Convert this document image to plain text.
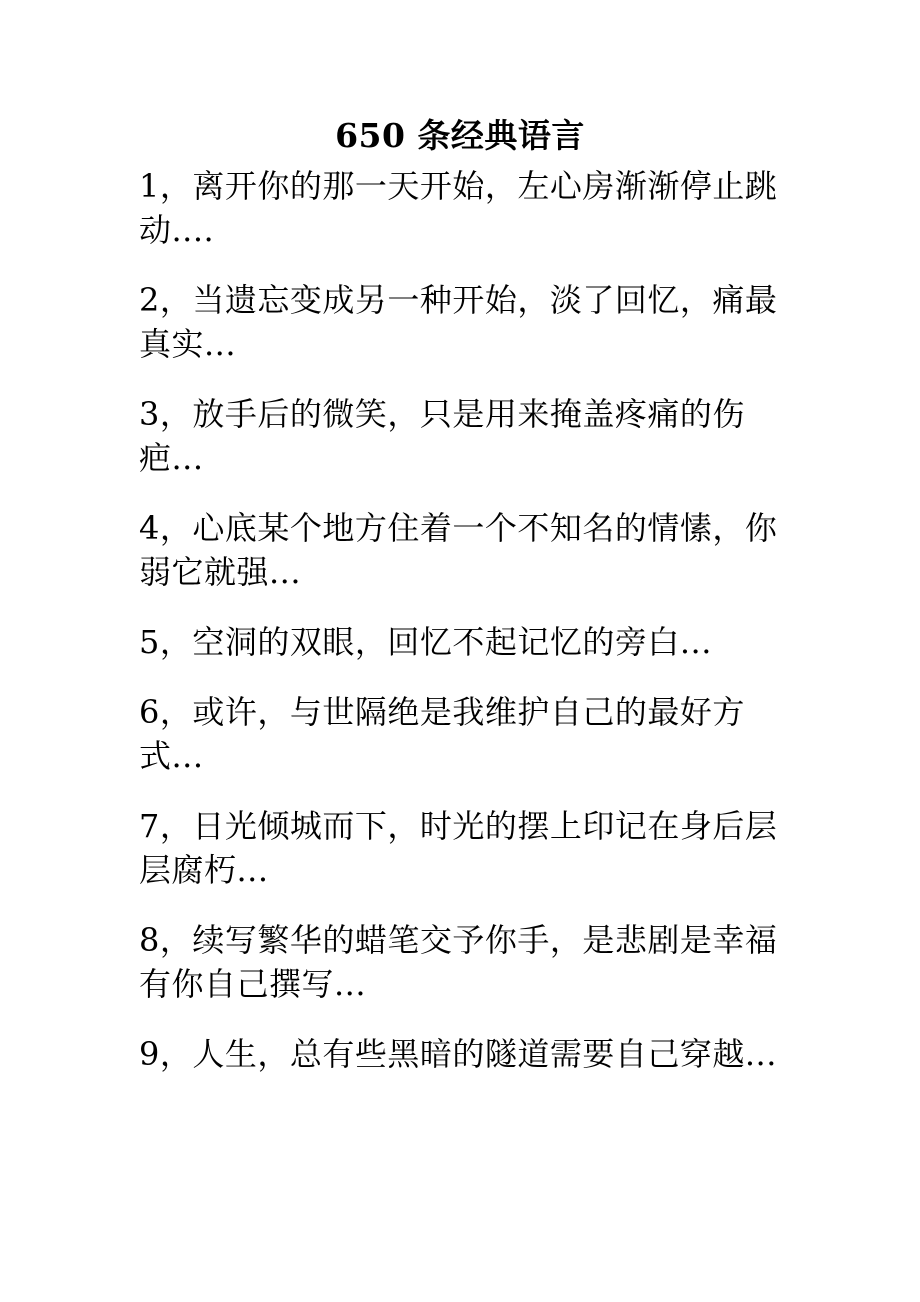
650 条经典语言

1，离开你的那一天开始，左心房渐渐停止跳动....

2，当遗忘变成另一种开始，淡了回忆，痛最真实...

3，放手后的微笑，只是用来掩盖疼痛的伤疤...

4，心底某个地方住着一个不知名的情愫，你弱它就强...

5，空洞的双眼，回忆不起记忆的旁白...

6，或许，与世隔绝是我维护自己的最好方式...

7，日光倾城而下，时光的摆上印记在身后层层腐朽...

8，续写繁华的蜡笔交予你手，是悲剧是幸福有你自己撰写...

9，人生，总有些黑暗的隧道需要自己穿越...
